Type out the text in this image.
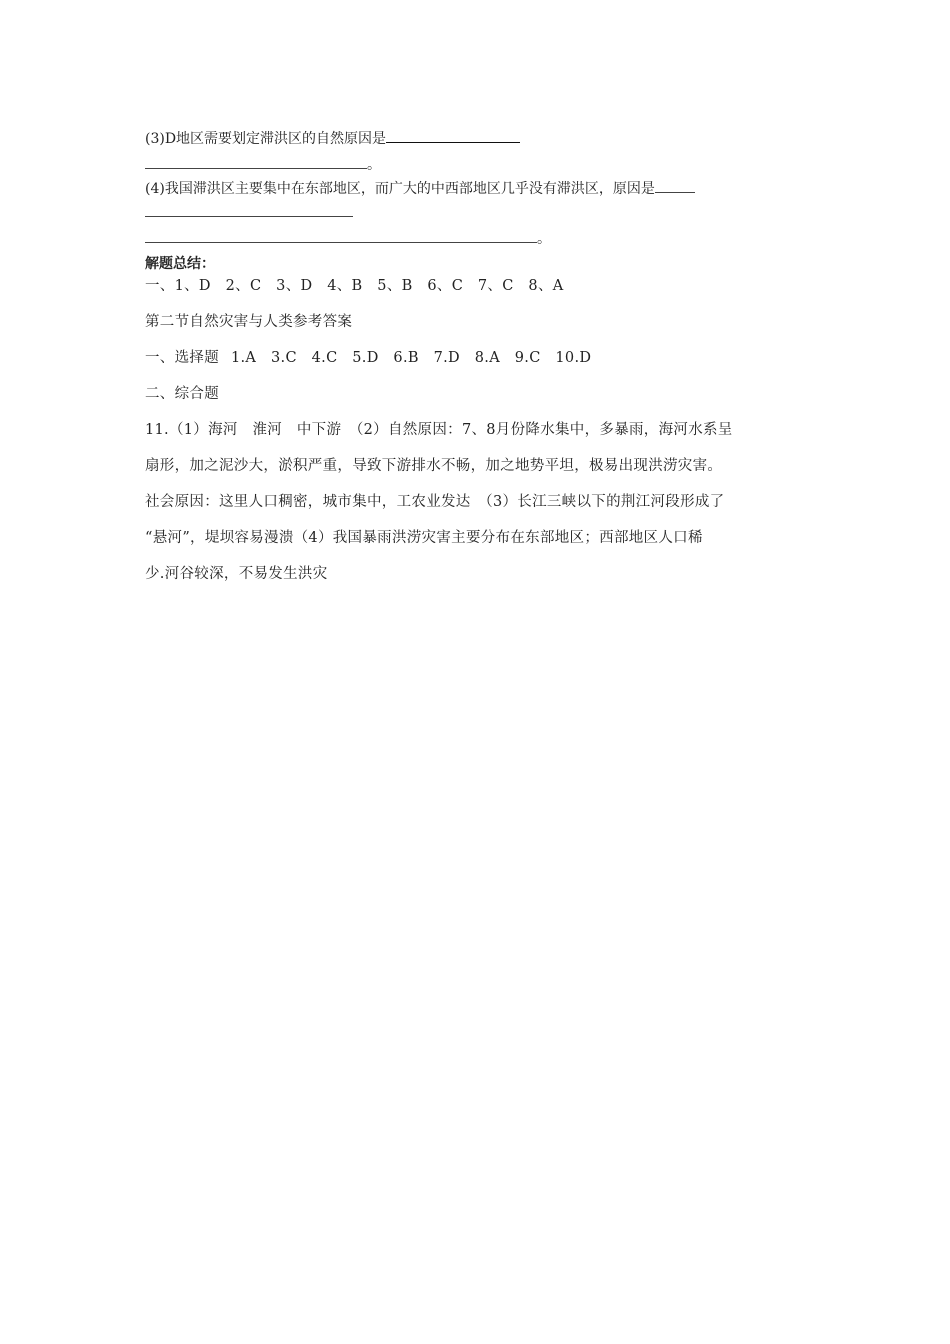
(3)D地区需要划定滞洪区的自然原因是
。
(4)我国滞洪区主要集中在东部地区，而广大的中西部地区几乎没有滞洪区，原因是
。
解题总结：
一、1、D　2、C　3、D　4、B　5、B　6、C　7、C　8、A
第二节自然灾害与人类参考答案
一、选择题 1.A　3.C　4.C　5.D　6.B　7.D　8.A　9.C　10.D
二、综合题
11.（1）海河　淮河　中下游　（2）自然原因：7、8月份降水集中，多暴雨，海河水系呈
扇形，加之泥沙大，淤积严重，导致下游排水不畅，加之地势平坦，极易出现洪涝灾害。
社会原因：这里人口稠密，城市集中，工农业发达　（3）长江三峡以下的荆江河段形成了
“悬河”，堤坝容易漫溃（4）我国暴雨洪涝灾害主要分布在东部地区；西部地区人口稀
少.河谷较深，不易发生洪灾
